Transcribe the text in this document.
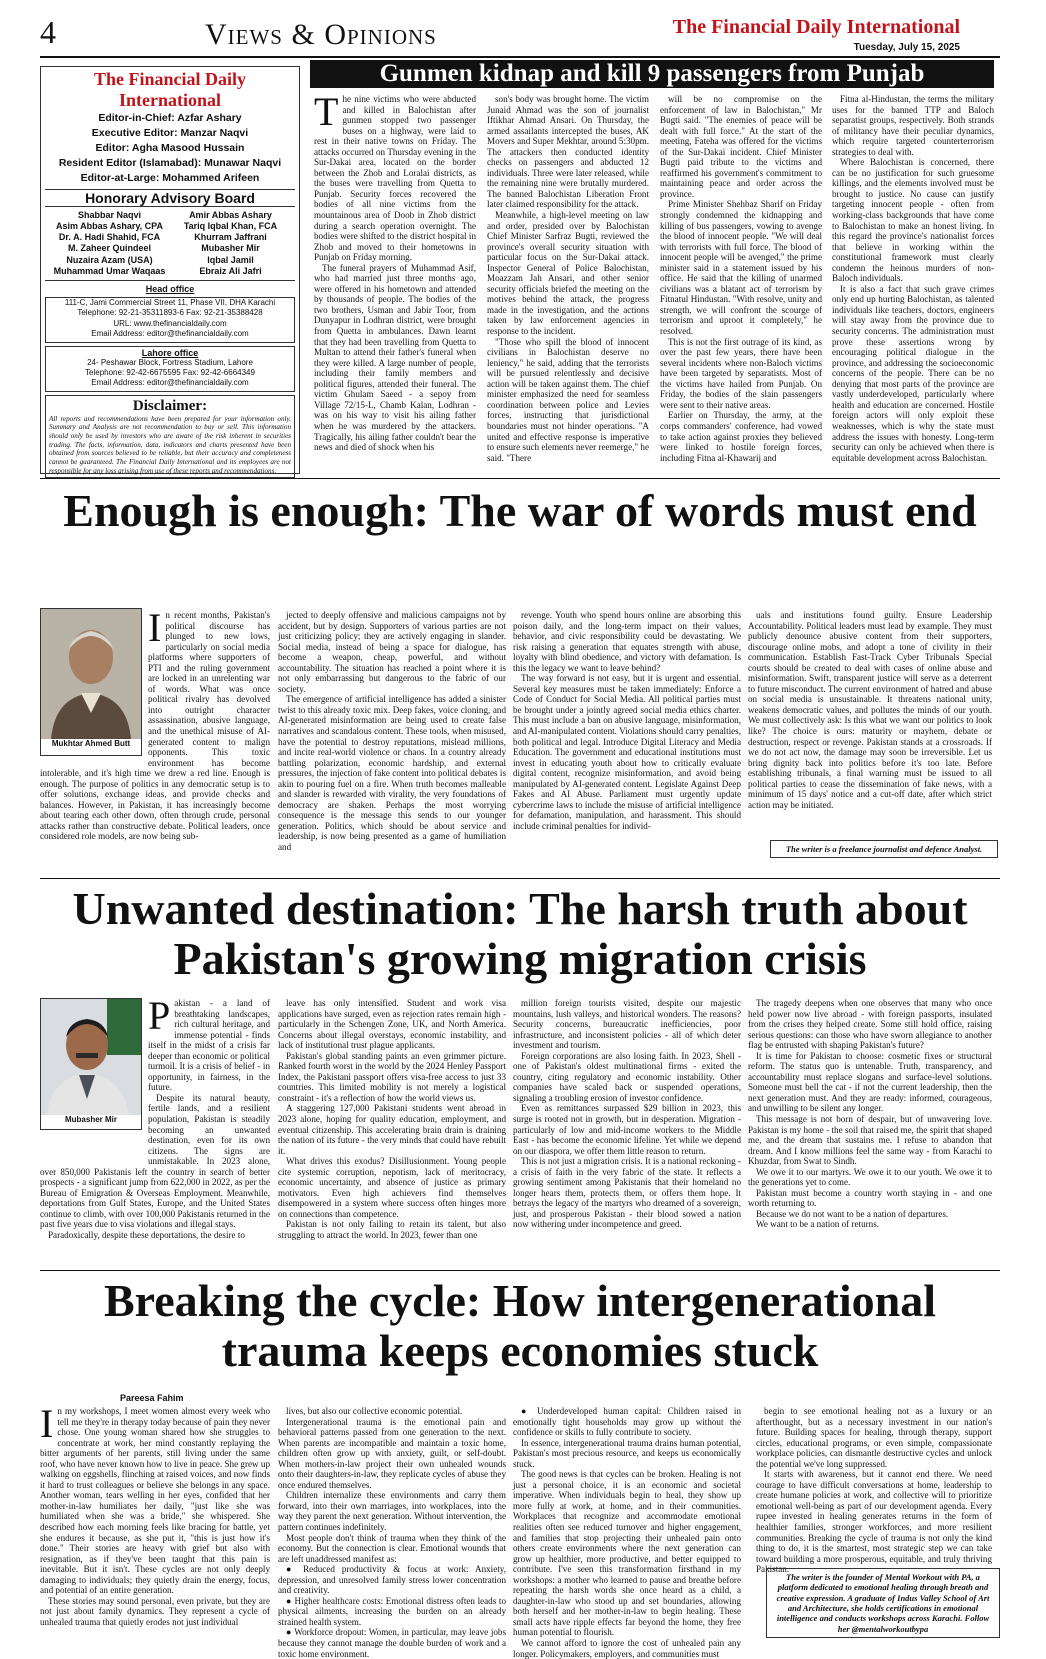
4	Views & Opinions	The Financial Daily International
Tuesday, July 15, 2025
The Financial Daily International
Editor-in-Chief: Azfar Ashary
Executive Editor: Manzar Naqvi
Editor: Agha Masood Hussain
Resident Editor (Islamabad): Munawar Naqvi
Editor-at-Large: Mohammed Arifeen
Honorary Advisory Board
Shabbar Naqvi
Asim Abbas Ashary, CPA
Dr. A. Hadi Shahid, FCA
M. Zaheer Quindeel
Nuzaira Azam (USA)
Muhammad Umar Waqaas
Amir Abbas Ashary
Tariq Iqbal Khan, FCA
Khurram Jaffrani
Mubasher Mir
Iqbal Jamil
Ebraiz Ali Jafri
Head office
111-C, Jami Commercial Street 11, Phase VII, DHA Karachi
Telephone: 92-21-35311893-6 Fax: 92-21-35388428
URL: www.thefinancialdaily.com
Email Address: editor@thefinancialdaily.com
Lahore office
24- Peshawar Block, Fortress Stadium, Lahore
Telephone: 92-42-6675595 Fax: 92-42-6664349
Email Address: editor@thefinancialdaily.com
Disclaimer:
All reports and recommendations have been prepared for your information only. Summary and Analysis are not recommendation to buy or sell. This information should only be used by investors who are aware of the risk inherent in securities trading. The facts, information, data, indicators and charts presented have been obtained from sources believed to be reliable, but their accuracy and completeness cannot be guaranteed. The Financial Daily International and its employees are not responsible for any loss arising from use of these reports and recommendations.
Gunmen kidnap and kill 9 passengers from Punjab

The nine victims who were abducted and killed in Balochistan after gunmen stopped two passenger buses on a highway, were laid to rest in their native towns on Friday. The attacks occurred on Thursday evening in the Sur-Dakai area, located on the border between the Zhob and Loralai districts, as the buses were travelling from Quetta to Punjab. Security forces recovered the bodies of all nine victims from the mountainous area of Doob in Zhob district during a search operation overnight. The bodies were shifted to the district hospital in Zhob and moved to their hometowns in Punjab on Friday morning.

The funeral prayers of Muhammad Asif, who had married just three months ago, were offered in his hometown and attended by thousands of people. The bodies of the two brothers, Usman and Jabir Toor, from Dunyapur in Lodhran district, were brought from Quetta in ambulances. Dawn learnt that they had been travelling from Quetta to Multan to attend their father's funeral when they were killed. A large number of people, including their family members and political figures, attended their funeral. The victim Ghulam Saeed - a sepoy from Village 72/15-L, Chamb Kalan, Lodhran - was on his way to visit his ailing father when he was murdered by the attackers. Tragically, his ailing father couldn't bear the news and died of shock when his

son's body was brought home. The victim Junaid Ahmad was the son of journalist Iftikhar Ahmad Ansari. On Thursday, the armed assailants intercepted the buses, AK Movers and Super Mekhtar, around 5:30pm. The attackers then conducted identity checks on passengers and abducted 12 individuals. Three were later released, while the remaining nine were brutally murdered. The banned Balochistan Liberation Front later claimed responsibility for the attack.

Meanwhile, a high-level meeting on law and order, presided over by Balochistan Chief Minister Sarfraz Bugti, reviewed the province's overall security situation with particular focus on the Sur-Dakai attack. Inspector General of Police Balochistan, Moazzam Jah Ansari, and other senior security officials briefed the meeting on the motives behind the attack, the progress made in the investigation, and the actions taken by law enforcement agencies in response to the incident.

"Those who spill the blood of innocent civilians in Balochistan deserve no leniency," he said, adding that the terrorists will be pursued relentlessly and decisive action will be taken against them. The chief minister emphasized the need for seamless coordination between police and Levies forces, instructing that jurisdictional boundaries must not hinder operations. "A united and effective response is imperative to ensure such elements never reemerge," he said. "There

will be no compromise on the enforcement of law in Balochistan," Mr Bugti said. "The enemies of peace will be dealt with full force." At the start of the meeting, Fateha was offered for the victims of the Sur-Dakai incident. Chief Minister Bugti paid tribute to the victims and reaffirmed his government's commitment to maintaining peace and order across the province.

Prime Minister Shehbaz Sharif on Friday strongly condemned the kidnapping and killing of bus passengers, vowing to avenge the blood of innocent people. "We will deal with terrorists with full force. The blood of innocent people will be avenged," the prime minister said in a statement issued by his office. He said that the killing of unarmed civilians was a blatant act of terrorism by Fitnatul Hindustan. "With resolve, unity and strength, we will confront the scourge of terrorism and uproot it completely," he resolved.

This is not the first outrage of its kind, as over the past few years, there have been several incidents where non-Baloch victims have been targeted by separatists. Most of the victims have hailed from Punjab. On Friday, the bodies of the slain passengers were sent to their native areas.

Earlier on Thursday, the army, at the corps commanders' conference, had vowed to take action against proxies they believed were linked to hostile foreign forces, including Fitna al-Khawarij and

Fitna al-Hindustan, the terms the military uses for the banned TTP and Baloch separatist groups, respectively. Both strands of militancy have their peculiar dynamics, which require targeted counterterrorism strategies to deal with.

Where Balochistan is concerned, there can be no justification for such gruesome killings, and the elements involved must be brought to justice. No cause can justify targeting innocent people - often from working-class backgrounds that have come to Balochistan to make an honest living. In this regard the province's nationalist forces that believe in working within the constitutional framework must clearly condemn the heinous murders of non-Baloch individuals.

It is also a fact that such grave crimes only end up hurting Balochistan, as talented individuals like teachers, doctors, engineers will stay away from the province due to security concerns. The administration must prove these assertions wrong by encouraging political dialogue in the province, and addressing the socioeconomic concerns of the people. There can be no denying that most parts of the province are vastly underdeveloped, particularly where health and education are concerned. Hostile foreign actors will only exploit these weaknesses, which is why the state must address the issues with honesty. Long-term security can only be achieved when there is equitable development across Balochistan.

Enough is enough: The war of words must end
Mukhtar Ahmed Butt

In recent months, Pakistan's political discourse has plunged to new lows, particularly on social media platforms where supporters of PTI and the ruling government are locked in an unrelenting war of words. What was once political rivalry has devolved into outright character assassination, abusive language, and the unethical misuse of AI-generated content to malign opponents. This toxic environment has become intolerable, and it's high time we drew a red line. Enough is enough. The purpose of politics in any democratic setup is to offer solutions, exchange ideas, and provide checks and balances. However, in Pakistan, it has increasingly become about tearing each other down, often through crude, personal attacks rather than constructive debate. Political leaders, once considered role models, are now being sub-

jected to deeply offensive and malicious campaigns not by accident, but by design. Supporters of various parties are not just criticizing policy; they are actively engaging in slander. Social media, instead of being a space for dialogue, has become a weapon, cheap, powerful, and without accountability. The situation has reached a point where it is not only embarrassing but dangerous to the fabric of our society.

The emergence of artificial intelligence has added a sinister twist to this already toxic mix. Deep fakes, voice cloning, and AI-generated misinformation are being used to create false narratives and scandalous content. These tools, when misused, have the potential to destroy reputations, mislead millions, and incite real-world violence or chaos. In a country already battling polarization, economic hardship, and external pressures, the injection of fake content into political debates is akin to pouring fuel on a fire. When truth becomes malleable and slander is rewarded with virality, the very foundations of democracy are shaken. Perhaps the most worrying consequence is the message this sends to our younger generation. Politics, which should be about service and leadership, is now being presented as a game of humiliation and

revenge. Youth who spend hours online are absorbing this poison daily, and the long-term impact on their values, behavior, and civic responsibility could be devastating. We risk raising a generation that equates strength with abuse, loyalty with blind obedience, and victory with defamation. Is this the legacy we want to leave behind?

The way forward is not easy, but it is urgent and essential. Several key measures must be taken immediately: Enforce a Code of Conduct for Social Media. All political parties must be brought under a jointly agreed social media ethics charter. This must include a ban on abusive language, misinformation, and AI-manipulated content. Violations should carry penalties, both political and legal. Introduce Digital Literacy and Media Education. The government and educational institutions must invest in educating youth about how to critically evaluate digital content, recognize misinformation, and avoid being manipulated by AI-generated content. Legislate Against Deep Fakes and AI Abuse. Parliament must urgently update cybercrime laws to include the misuse of artificial intelligence for defamation, manipulation, and harassment. This should include criminal penalties for individ-

uals and institutions found guilty. Ensure Leadership Accountability. Political leaders must lead by example. They must publicly denounce abusive content from their supporters, discourage online mobs, and adopt a tone of civility in their communication. Establish Fast-Track Cyber Tribunals Special courts should be created to deal with cases of online abuse and misinformation. Swift, transparent justice will serve as a deterrent to future misconduct. The current environment of hatred and abuse on social media is unsustainable. It threatens national unity, weakens democratic values, and pollutes the minds of our youth. We must collectively ask: Is this what we want our politics to look like? The choice is ours: maturity or mayhem, debate or destruction, respect or revenge. Pakistan stands at a crossroads. If we do not act now, the damage may soon be irreversible. Let us bring dignity back into politics before it's too late. Before establishing tribunals, a final warning must be issued to all political parties to cease the dissemination of fake news, with a minimum of 15 days' notice and a cut-off date, after which strict action may be initiated.

The writer is a freelance journalist and defence Analyst.
Unwanted destination: The harsh truth about Pakistan's growing migration crisis
Mubasher Mir

Pakistan - a land of breathtaking landscapes, rich cultural heritage, and immense potential - finds itself in the midst of a crisis far deeper than economic or political turmoil. It is a crisis of belief - in opportunity, in fairness, in the future.

Despite its natural beauty, fertile lands, and a resilient population, Pakistan is steadily becoming an unwanted destination, even for its own citizens. The signs are unmistakable. In 2023 alone, over 850,000 Pakistanis left the country in search of better prospects - a significant jump from 622,000 in 2022, as per the Bureau of Emigration & Overseas Employment. Meanwhile, deportations from Gulf States, Europe, and the United States continue to climb, with over 100,000 Pakistanis returned in the past five years due to visa violations and illegal stays.

Paradoxically, despite these deportations, the desire to

leave has only intensified. Student and work visa applications have surged, even as rejection rates remain high - particularly in the Schengen Zone, UK, and North America. Concerns about illegal overstays, economic instability, and lack of institutional trust plague applicants.

Pakistan's global standing paints an even grimmer picture. Ranked fourth worst in the world by the 2024 Henley Passport Index, the Pakistani passport offers visa-free access to just 33 countries. This limited mobility is not merely a logistical constraint - it's a reflection of how the world views us.

A staggering 127,000 Pakistani students went abroad in 2023 alone, hoping for quality education, employment, and eventual citizenship. This accelerating brain drain is draining the nation of its future - the very minds that could have rebuilt it.

What drives this exodus? Disillusionment. Young people cite systemic corruption, nepotism, lack of meritocracy, economic uncertainty, and absence of justice as primary motivators. Even high achievers find themselves disempowered in a system where success often hinges more on connections than competence.

Pakistan is not only failing to retain its talent, but also struggling to attract the world. In 2023, fewer than one

million foreign tourists visited, despite our majestic mountains, lush valleys, and historical wonders. The reasons? Security concerns, bureaucratic inefficiencies, poor infrastructure, and inconsistent policies - all of which deter investment and tourism.

Foreign corporations are also losing faith. In 2023, Shell - one of Pakistan's oldest multinational firms - exited the country, citing regulatory and economic instability. Other companies have scaled back or suspended operations, signaling a troubling erosion of investor confidence.

Even as remittances surpassed $29 billion in 2023, this surge is rooted not in growth, but in desperation. Migration - particularly of low and mid-income workers to the Middle East - has become the economic lifeline. Yet while we depend on our diaspora, we offer them little reason to return.

This is not just a migration crisis. It is a national reckoning - a crisis of faith in the very fabric of the state. It reflects a growing sentiment among Pakistanis that their homeland no longer hears them, protects them, or offers them hope. It betrays the legacy of the martyrs who dreamed of a sovereign, just, and prosperous Pakistan - their blood sowed a nation now withering under incompetence and greed.

The tragedy deepens when one observes that many who once held power now live abroad - with foreign passports, insulated from the crises they helped create. Some still hold office, raising serious questions: can those who have sworn allegiance to another flag be entrusted with shaping Pakistan's future?

It is time for Pakistan to choose: cosmetic fixes or structural reform. The status quo is untenable. Truth, transparency, and accountability must replace slogans and surface-level solutions. Someone must bell the cat - if not the current leadership, then the next generation must. And they are ready: informed, courageous, and unwilling to be silent any longer.

This message is not born of despair, but of unwavering love. Pakistan is my home - the soil that raised me, the spirit that shaped me, and the dream that sustains me. I refuse to abandon that dream. And I know millions feel the same way - from Karachi to Khuzdar, from Swat to Sindh.

We owe it to our martyrs. We owe it to our youth. We owe it to the generations yet to come.

Pakistan must become a country worth staying in - and one worth returning to.

Because we do not want to be a nation of departures.

We want to be a nation of returns.

Breaking the cycle: How intergenerational trauma keeps economies stuck
Pareesa Fahim

In my workshops, I meet women almost every week who tell me they're in therapy today because of pain they never chose. One young woman shared how she struggles to concentrate at work, her mind constantly replaying the bitter arguments of her parents, still living under the same roof, who have never known how to live in peace. She grew up walking on eggshells, flinching at raised voices, and now finds it hard to trust colleagues or believe she belongs in any space. Another woman, tears welling in her eyes, confided that her mother-in-law humiliates her daily, "just like she was humiliated when she was a bride," she whispered. She described how each morning feels like bracing for battle, yet she endures it because, as she put it, "this is just how it's done." Their stories are heavy with grief but also with resignation, as if they've been taught that this pain is inevitable. But it isn't. These cycles are not only deeply damaging to individuals; they quietly drain the energy, focus, and potential of an entire generation.

These stories may sound personal, even private, but they are not just about family dynamics. They represent a cycle of unhealed trauma that quietly erodes not just individual

lives, but also our collective economic potential.

Intergenerational trauma is the emotional pain and behavioral patterns passed from one generation to the next. When parents are incompatible and maintain a toxic home, children often grow up with anxiety, guilt, or self-doubt. When mothers-in-law project their own unhealed wounds onto their daughters-in-law, they replicate cycles of abuse they once endured themselves.

Children internalize these environments and carry them forward, into their own marriages, into workplaces, into the way they parent the next generation. Without intervention, the pattern continues indefinitely.

Most people don't think of trauma when they think of the economy. But the connection is clear. Emotional wounds that are left unaddressed manifest as:

● Reduced productivity & focus at work: Anxiety, depression, and unresolved family stress lower concentration and creativity.

● Higher healthcare costs: Emotional distress often leads to physical ailments, increasing the burden on an already strained health system.

● Workforce dropout: Women, in particular, may leave jobs because they cannot manage the double burden of work and a toxic home environment.

● Underdeveloped human capital: Children raised in emotionally tight households may grow up without the confidence or skills to fully contribute to society.

In essence, intergenerational trauma drains human potential, Pakistan's most precious resource, and keeps us economically stuck.

The good news is that cycles can be broken. Healing is not just a personal choice, it is an economic and societal imperative. When individuals begin to heal, they show up more fully at work, at home, and in their communities. Workplaces that recognize and accommodate emotional realities often see reduced turnover and higher engagement, and families that stop projecting their unhealed pain onto others create environments where the next generation can grow up healthier, more productive, and better equipped to contribute. I've seen this transformation firsthand in my workshops: a mother who learned to pause and breathe before repeating the harsh words she once heard as a child, a daughter-in-law who stood up and set boundaries, allowing both herself and her mother-in-law to begin healing. These small acts have ripple effects far beyond the home, they free human potential to flourish.

We cannot afford to ignore the cost of unhealed pain any longer. Policymakers, employers, and communities must

begin to see emotional healing not as a luxury or an afterthought, but as a necessary investment in our nation's future. Building spaces for healing, through therapy, support circles, educational programs, or even simple, compassionate workplace policies, can dismantle destructive cycles and unlock the potential we've long suppressed.

It starts with awareness, but it cannot end there. We need courage to have difficult conversations at home, leadership to create humane policies at work, and collective will to prioritize emotional well-being as part of our development agenda. Every rupee invested in healing generates returns in the form of healthier families, stronger workforces, and more resilient communities. Breaking the cycle of trauma is not only the kind thing to do, it is the smartest, most strategic step we can take toward building a more prosperous, equitable, and truly thriving Pakistan.

The writer is the founder of Mental Workout with PA, a platform dedicated to emotional healing through breath and creative expression. A graduate of Indus Valley School of Art and Architecture, she holds certifications in emotional intelligence and conducts workshops across Karachi. Follow her @mentalworkoutbypa
